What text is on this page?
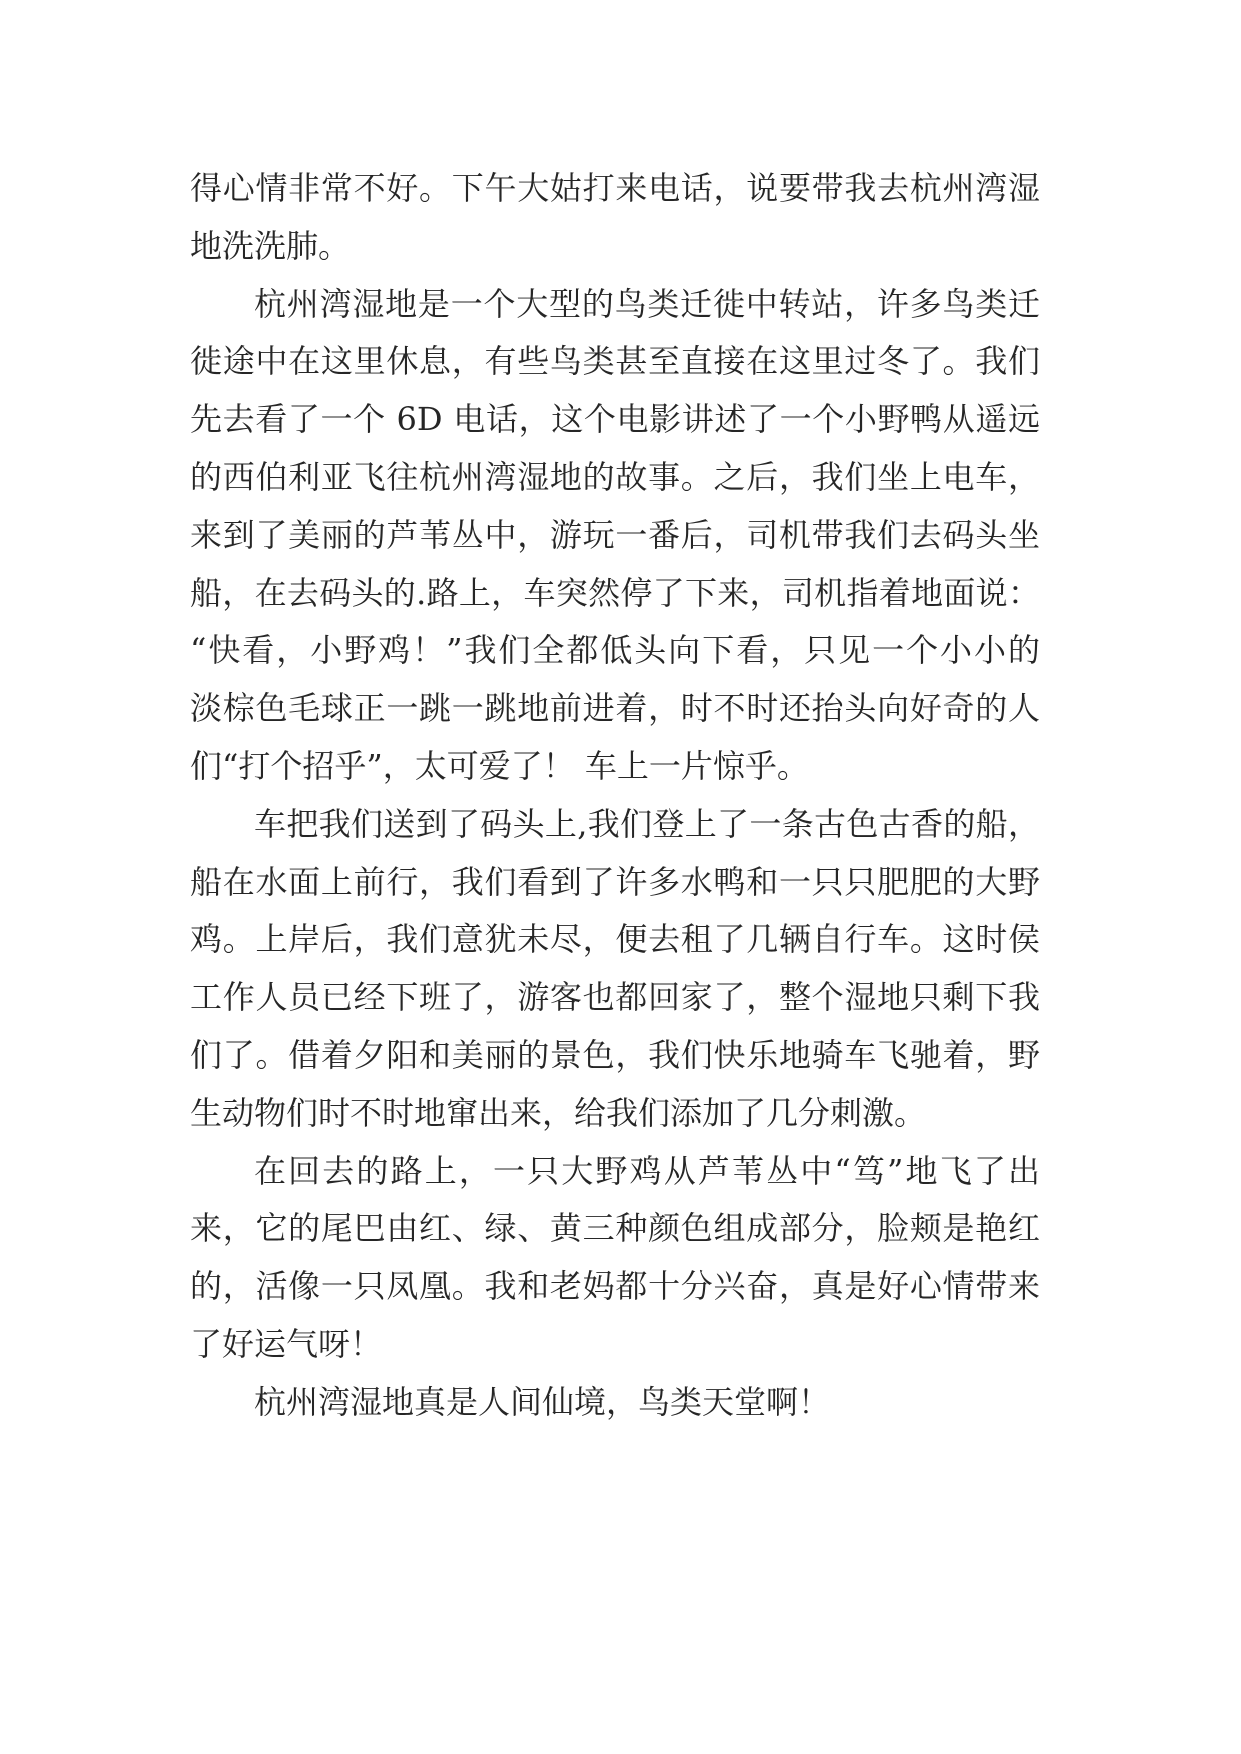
得心情非常不好。下午大姑打来电话，说要带我去杭州湾湿
地洗洗肺。
杭州湾湿地是一个大型的鸟类迁徙中转站，许多鸟类迁
徙途中在这里休息，有些鸟类甚至直接在这里过冬了。我们
先去看了一个 6D 电话，这个电影讲述了一个小野鸭从遥远
的西伯利亚飞往杭州湾湿地的故事。之后，我们坐上电车，
来到了美丽的芦苇丛中，游玩一番后，司机带我们去码头坐
船，在去码头的.路上，车突然停了下来，司机指着地面说：
“快看，小野鸡！”我们全都低头向下看，只见一个小小的
淡棕色毛球正一跳一跳地前进着，时不时还抬头向好奇的人
们“打个招乎”，太可爱了！ 车上一片惊乎。
车把我们送到了码头上,我们登上了一条古色古香的船，
船在水面上前行，我们看到了许多水鸭和一只只肥肥的大野
鸡。上岸后，我们意犹未尽，便去租了几辆自行车。这时侯
工作人员已经下班了，游客也都回家了，整个湿地只剩下我
们了。借着夕阳和美丽的景色，我们快乐地骑车飞驰着，野
生动物们时不时地窜出来，给我们添加了几分刺激。
在回去的路上，一只大野鸡从芦苇丛中“笃”地飞了出
来，它的尾巴由红、绿、黄三种颜色组成部分，脸颊是艳红
的，活像一只凤凰。我和老妈都十分兴奋，真是好心情带来
了好运气呀！
杭州湾湿地真是人间仙境，鸟类天堂啊！
